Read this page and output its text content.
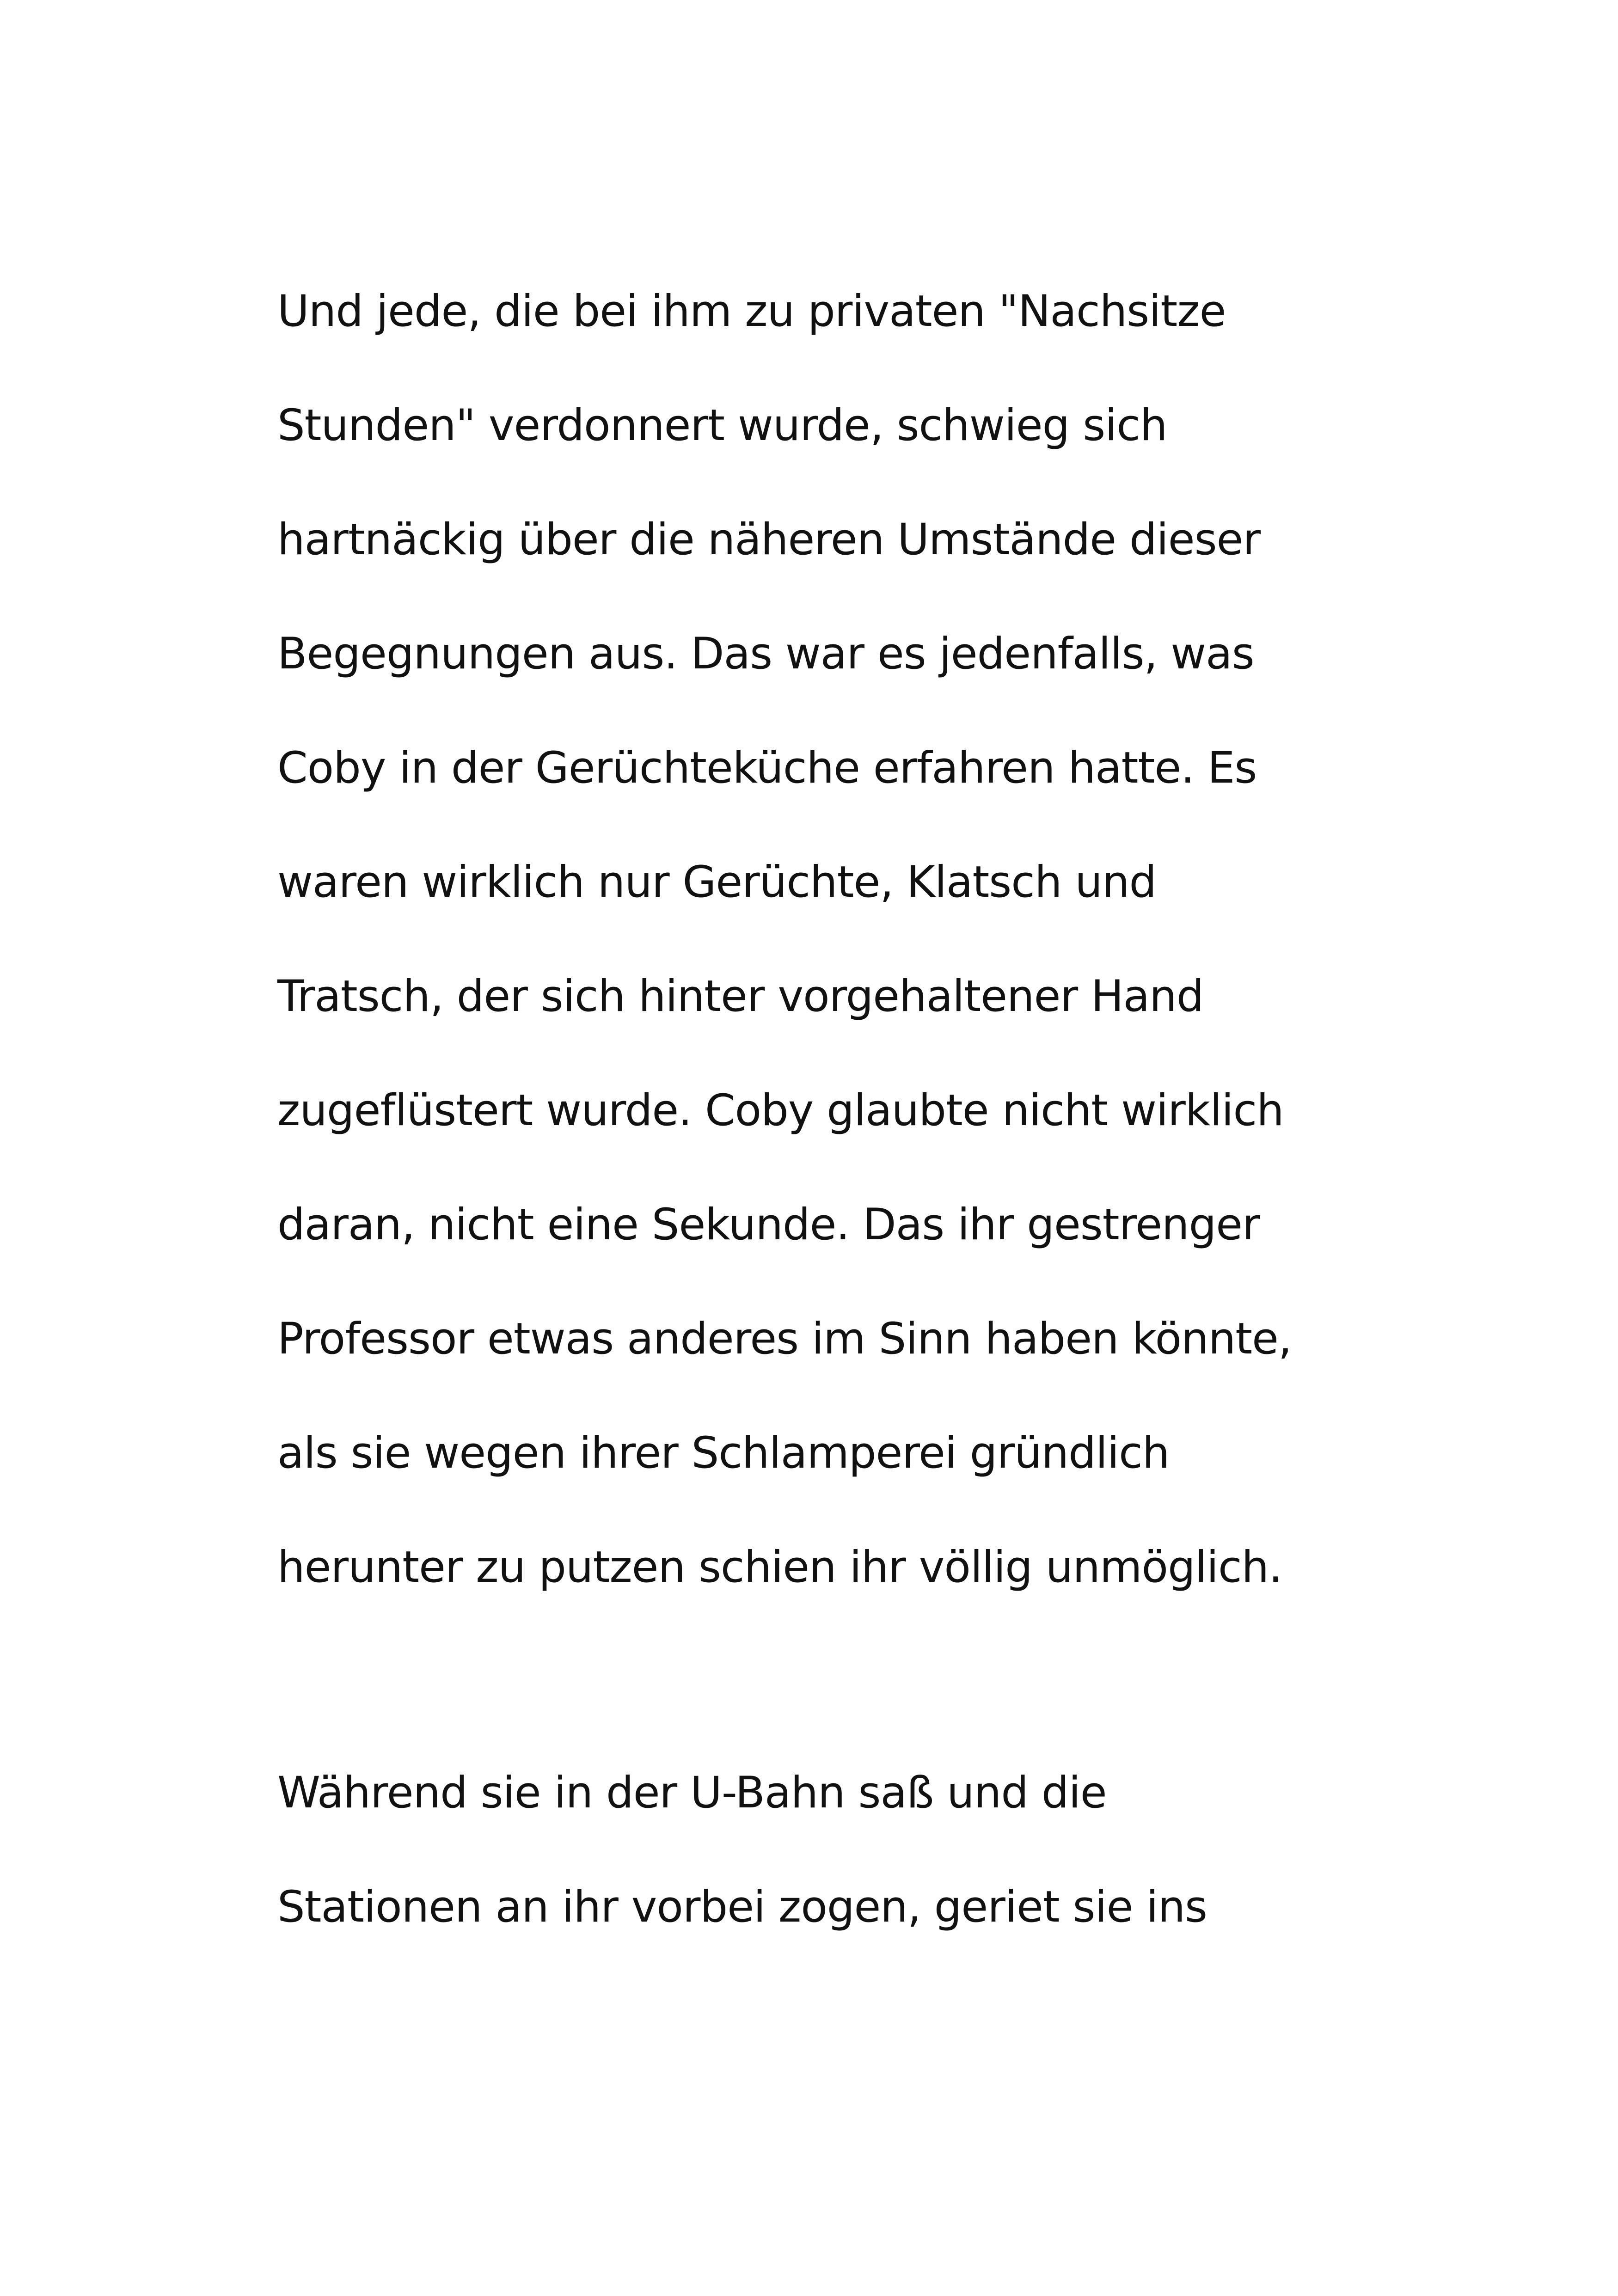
Und jede, die bei ihm zu privaten "Nachsitze
Stunden" verdonnert wurde, schwieg sich
hartnäckig über die näheren Umstände dieser
Begegnungen aus. Das war es jedenfalls, was
Coby in der Gerüchteküche erfahren hatte. Es
waren wirklich nur Gerüchte, Klatsch und
Tratsch, der sich hinter vorgehaltener Hand
zugeflüstert wurde. Coby glaubte nicht wirklich
daran, nicht eine Sekunde. Das ihr gestrenger
Professor etwas anderes im Sinn haben könnte,
als sie wegen ihrer Schlamperei gründlich
herunter zu putzen schien ihr völlig unmöglich.

Während sie in der U-Bahn saß und die
Stationen an ihr vorbei zogen, geriet sie ins
